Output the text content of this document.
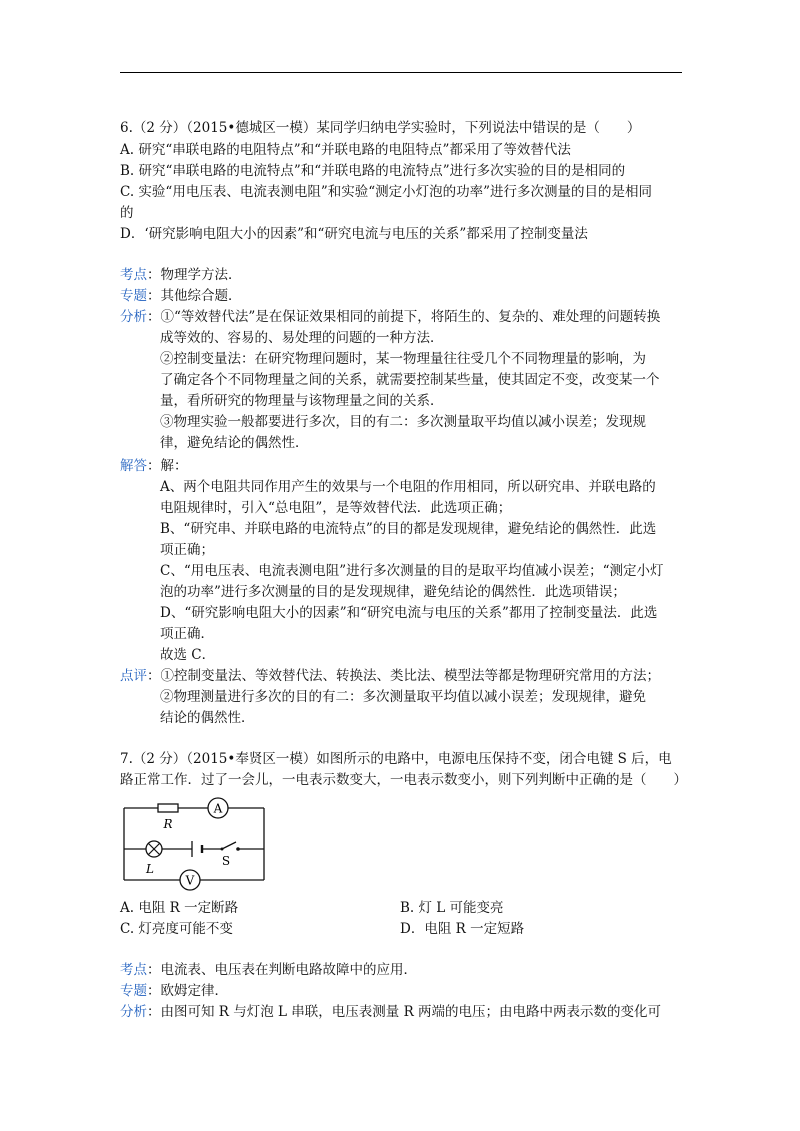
6.（2 分）（2015•德城区一模）某同学归纳电学实验时，下列说法中错误的是（　　）
A. 研究“串联电路的电阻特点”和“并联电路的电阻特点”都采用了等效替代法
B. 研究“串联电路的电流特点”和“并联电路的电流特点”进行多次实验的目的是相同的
C. 实验“用电压表、电流表测电阻”和实验“测定小灯泡的功率”进行多次测量的目的是相同
的
D．‘研究影响电阻大小的因素”和“研究电流与电压的关系”都采用了控制变量法
考点：物理学方法．
专题：其他综合题．
分析：①“等效替代法”是在保证效果相同的前提下，将陌生的、复杂的、难处理的问题转换
成等效的、容易的、易处理的问题的一种方法．
②控制变量法：在研究物理问题时，某一物理量往往受几个不同物理量的影响，为
了确定各个不同物理量之间的关系，就需要控制某些量，使其固定不变，改变某一个
量，看所研究的物理量与该物理量之间的关系．
③物理实验一般都要进行多次，目的有二：多次测量取平均值以减小误差；发现规
律，避免结论的偶然性．
解答：解：
A、两个电阻共同作用产生的效果与一个电阻的作用相同，所以研究串、并联电路的
电阻规律时，引入“总电阻”，是等效替代法．此选项正确；
B、“研究串、并联电路的电流特点”的目的都是发现规律，避免结论的偶然性．此选
项正确；
C、“用电压表、电流表测电阻”进行多次测量的目的是取平均值减小误差；“测定小灯
泡的功率”进行多次测量的目的是发现规律，避免结论的偶然性．此选项错误；
D、“研究影响电阻大小的因素”和“研究电流与电压的关系”都用了控制变量法．此选
项正确．
故选 C．
点评：①控制变量法、等效替代法、转换法、类比法、模型法等都是物理研究常用的方法；
②物理测量进行多次的目的有二：多次测量取平均值以减小误差；发现规律，避免
结论的偶然性．
7.（2 分）（2015•奉贤区一模）如图所示的电路中，电源电压保持不变，闭合电键 S 后，电
路正常工作．过了一会儿，一电表示数变大，一电表示数变小，则下列判断中正确的是（　　）
A
V
R
L
S
A. 电阻 R 一定断路	B. 灯 L 可能变亮
C. 灯亮度可能不变	D．电阻 R 一定短路
考点：电流表、电压表在判断电路故障中的应用．
专题：欧姆定律．
分析：由图可知 R 与灯泡 L 串联，电压表测量 R 两端的电压；由电路中两表示数的变化可
